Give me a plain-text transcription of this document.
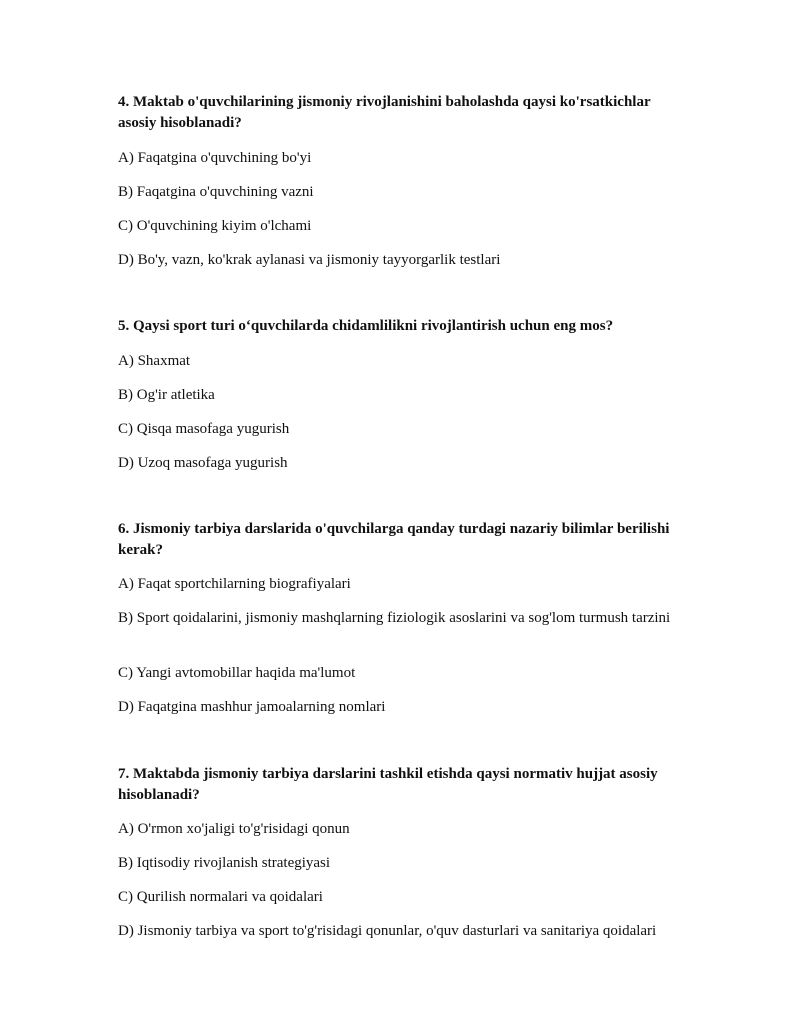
4. Maktab o'quvchilarining jismoniy rivojlanishini baholashda qaysi ko'rsatkichlar asosiy hisoblanadi?

A) Faqatgina o'quvchining bo'yi

B) Faqatgina o'quvchining vazni

C) O'quvchining kiyim o'lchami

D) Bo'y, vazn, ko'krak aylanasi va jismoniy tayyorgarlik testlari

5. Qaysi sport turi oʻquvchilarda chidamlilikni rivojlantirish uchun eng mos?

A) Shaxmat

B) Og'ir atletika

C) Qisqa masofaga yugurish

D) Uzoq masofaga yugurish

6. Jismoniy tarbiya darslarida o'quvchilarga qanday turdagi nazariy bilimlar berilishi kerak?

A) Faqat sportchilarning biografiyalari

B) Sport qoidalarini, jismoniy mashqlarning fiziologik asoslarini va sog'lom turmush tarzini

C) Yangi avtomobillar haqida ma'lumot

D) Faqatgina mashhur jamoalarning nomlari

7. Maktabda jismoniy tarbiya darslarini tashkil etishda qaysi normativ hujjat asosiy hisoblanadi?

A) O'rmon xo'jaligi to'g'risidagi qonun

B) Iqtisodiy rivojlanish strategiyasi

C) Qurilish normalari va qoidalari

D) Jismoniy tarbiya va sport to'g'risidagi qonunlar, o'quv dasturlari va sanitariya qoidalari
